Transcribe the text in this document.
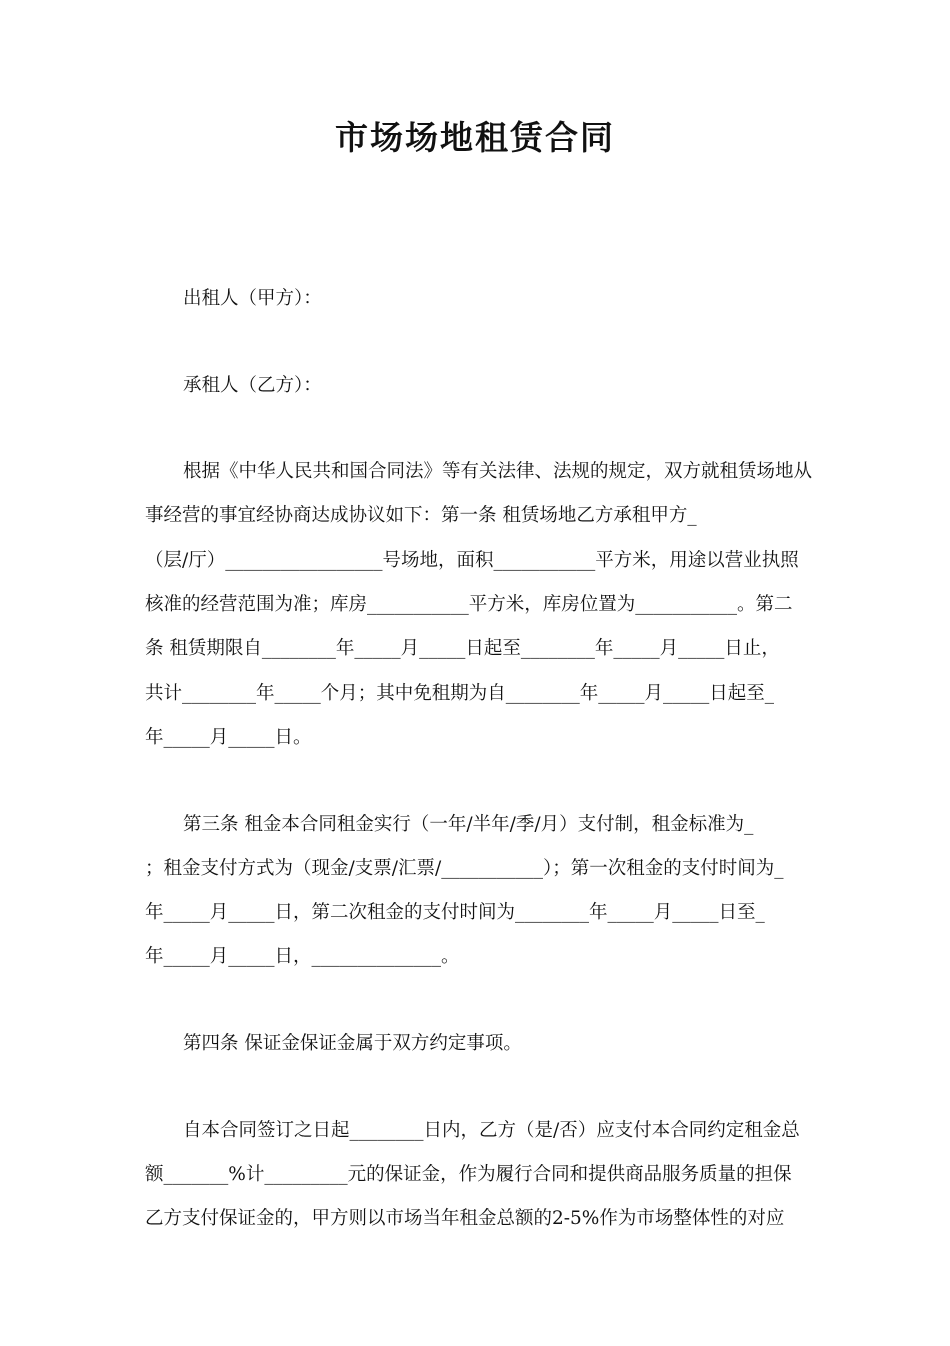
市场场地租赁合同
出租人（甲方）：
承租人（乙方）：
根据《中华人民共和国合同法》等有关法律、法规的规定，双方就租赁场地从
事经营的事宜经协商达成协议如下：第一条 租赁场地乙方承租甲方_
（层/厅）_________________号场地，面积___________平方米，用途以营业执照
核准的经营范围为准；库房___________平方米，库房位置为___________。第二
条 租赁期限自________年_____月_____日起至________年_____月_____日止，
共计________年_____个月；其中免租期为自________年_____月_____日起至_
年_____月_____日。
第三条 租金本合同租金实行（一年/半年/季/月）支付制，租金标准为_
；租金支付方式为（现金/支票/汇票/___________）；第一次租金的支付时间为_
年_____月_____日，第二次租金的支付时间为________年_____月_____日至_
年_____月_____日，______________。
第四条 保证金保证金属于双方约定事项。
自本合同签订之日起________日内，乙方（是/否）应支付本合同约定租金总
额_______%计_________元的保证金，作为履行合同和提供商品服务质量的担保
乙方支付保证金的，甲方则以市场当年租金总额的2-5%作为市场整体性的对应
